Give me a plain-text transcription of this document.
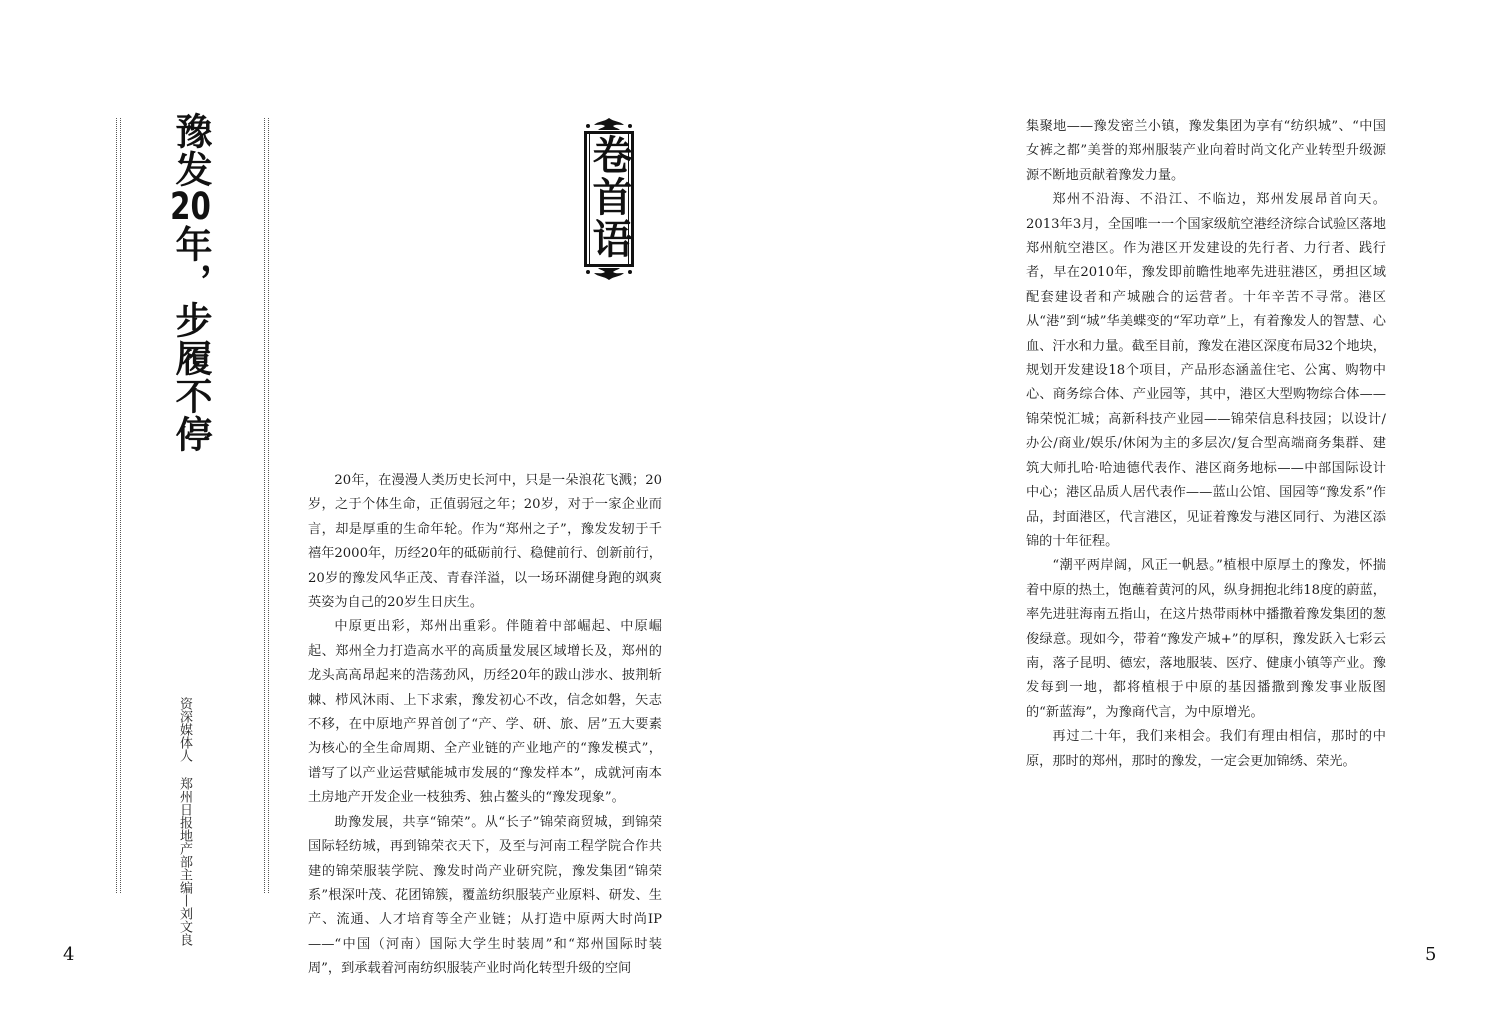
豫发20年，步履不停
资深媒体人 郑州日报地产部主编丨刘文良
卷首语

20年，在漫漫人类历史长河中，只是一朵浪花飞溅；20岁，之于个体生命，正值弱冠之年；20岁，对于一家企业而言，却是厚重的生命年轮。作为“郑州之子”，豫发发轫于千禧年2000年，历经20年的砥砺前行、稳健前行、创新前行，20岁的豫发风华正茂、青春洋溢，以一场环湖健身跑的飒爽英姿为自己的20岁生日庆生。

中原更出彩，郑州出重彩。伴随着中部崛起、中原崛起、郑州全力打造高水平的高质量发展区域增长及，郑州的龙头高高昂起来的浩荡劲风，历经20年的跋山涉水、披荆斩棘、栉风沐雨、上下求索，豫发初心不改，信念如磐，矢志不移，在中原地产界首创了“产、学、研、旅、居”五大要素为核心的全生命周期、全产业链的产业地产的“豫发模式”，谱写了以产业运营赋能城市发展的“豫发样本”，成就河南本土房地产开发企业一枝独秀、独占鳌头的“豫发现象”。

助豫发展，共享“锦荣”。从“长子”锦荣商贸城，到锦荣国际轻纺城，再到锦荣衣天下，及至与河南工程学院合作共建的锦荣服装学院、豫发时尚产业研究院，豫发集团“锦荣系”根深叶茂、花团锦簇，覆盖纺织服装产业原料、研发、生产、流通、人才培育等全产业链；从打造中原两大时尚IP——“中国（河南）国际大学生时装周”和“郑州国际时装周”，到承载着河南纺织服装产业时尚化转型升级的空间

4

集聚地——豫发密兰小镇，豫发集团为享有“纺织城”、“中国女裤之都”美誉的郑州服装产业向着时尚文化产业转型升级源源不断地贡献着豫发力量。

郑州不沿海、不沿江、不临边，郑州发展昂首向天。2013年3月，全国唯一一个国家级航空港经济综合试验区落地郑州航空港区。作为港区开发建设的先行者、力行者、践行者，早在2010年，豫发即前瞻性地率先进驻港区，勇担区域配套建设者和产城融合的运营者。十年辛苦不寻常。港区从“港”到“城”华美蝶变的“军功章”上，有着豫发人的智慧、心血、汗水和力量。截至目前，豫发在港区深度布局32个地块，规划开发建设18个项目，产品形态涵盖住宅、公寓、购物中心、商务综合体、产业园等，其中，港区大型购物综合体——锦荣悦汇城；高新科技产业园——锦荣信息科技园；以设计/办公/商业/娱乐/休闲为主的多层次/复合型高端商务集群、建筑大师扎哈·哈迪德代表作、港区商务地标——中部国际设计中心；港区品质人居代表作——蓝山公馆、国园等“豫发系”作品，封面港区，代言港区，见证着豫发与港区同行、为港区添锦的十年征程。

“潮平两岸阔，风正一帆悬。”植根中原厚土的豫发，怀揣着中原的热土，饱蘸着黄河的风，纵身拥抱北纬18度的蔚蓝，率先进驻海南五指山，在这片热带雨林中播撒着豫发集团的葱俊绿意。现如今，带着“豫发产城+”的厚积，豫发跃入七彩云南，落子昆明、德宏，落地服装、医疗、健康小镇等产业。豫发每到一地，都将植根于中原的基因播撒到豫发事业版图的“新蓝海”，为豫商代言，为中原增光。

再过二十年，我们来相会。我们有理由相信，那时的中原，那时的郑州，那时的豫发，一定会更加锦绣、荣光。

5
